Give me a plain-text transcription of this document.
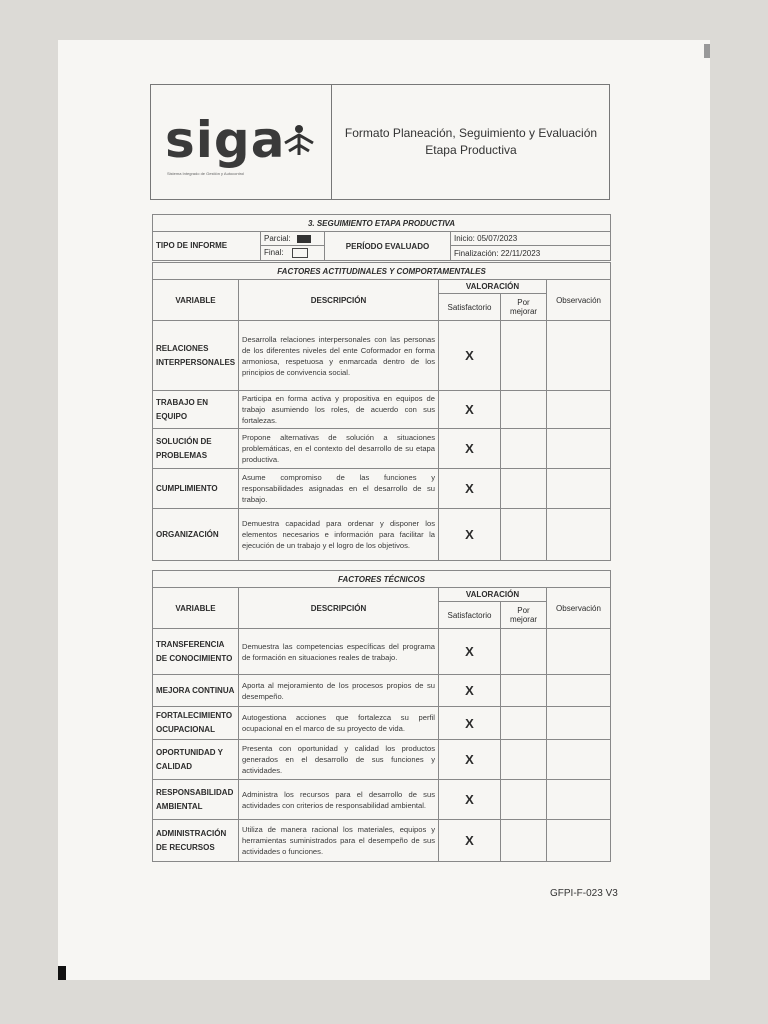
siga
Sistema Integrado de Gestión y Autocontrol
Formato Planeación, Seguimiento y Evaluación Etapa Productiva
3. SEGUIMIENTO ETAPA PRODUCTIVA			
TIPO DE INFORME	Parcial:	PERÍODO EVALUADO	Inicio: 05/07/2023
	Final:		Finalización: 22/11/2023
FACTORES ACTITUDINALES Y COMPORTAMENTALES				
VARIABLE	DESCRIPCIÓN	VALORACIÓN		Observación
		Satisfactorio	Por mejorar	
RELACIONES INTERPERSONALES	Desarrolla relaciones interpersonales con las personas de los diferentes niveles del ente Coformador en forma armoniosa, respetuosa y enmarcada dentro de los principios de convivencia social.	X		
TRABAJO EN EQUIPO	Participa en forma activa y propositiva en equipos de trabajo asumiendo los roles, de acuerdo con sus fortalezas.	X		
SOLUCIÓN DE PROBLEMAS	Propone alternativas de solución a situaciones problemáticas, en el contexto del desarrollo de su etapa productiva.	X		
CUMPLIMIENTO	Asume compromiso de las funciones y responsabilidades asignadas en el desarrollo de su trabajo.	X		
ORGANIZACIÓN	Demuestra capacidad para ordenar y disponer los elementos necesarios e información para facilitar la ejecución de un trabajo y el logro de los objetivos.	X		
FACTORES TÉCNICOS				
VARIABLE	DESCRIPCIÓN	VALORACIÓN		Observación
		Satisfactorio	Por mejorar	
TRANSFERENCIA DE CONOCIMIENTO	Demuestra las competencias específicas del programa de formación en situaciones reales de trabajo.	X		
MEJORA CONTINUA	Aporta al mejoramiento de los procesos propios de su desempeño.	X		
FORTALECIMIENTO OCUPACIONAL	Autogestiona acciones que fortalezca su perfil ocupacional en el marco de su proyecto de vida.	X		
OPORTUNIDAD Y CALIDAD	Presenta con oportunidad y calidad los productos generados en el desarrollo de sus funciones y actividades.	X		
RESPONSABILIDAD AMBIENTAL	Administra los recursos para el desarrollo de sus actividades con criterios de responsabilidad ambiental.	X		
ADMINISTRACIÓN DE RECURSOS	Utiliza de manera racional los materiales, equipos y herramientas suministrados para el desempeño de sus actividades o funciones.	X		
GFPI-F-023 V3
